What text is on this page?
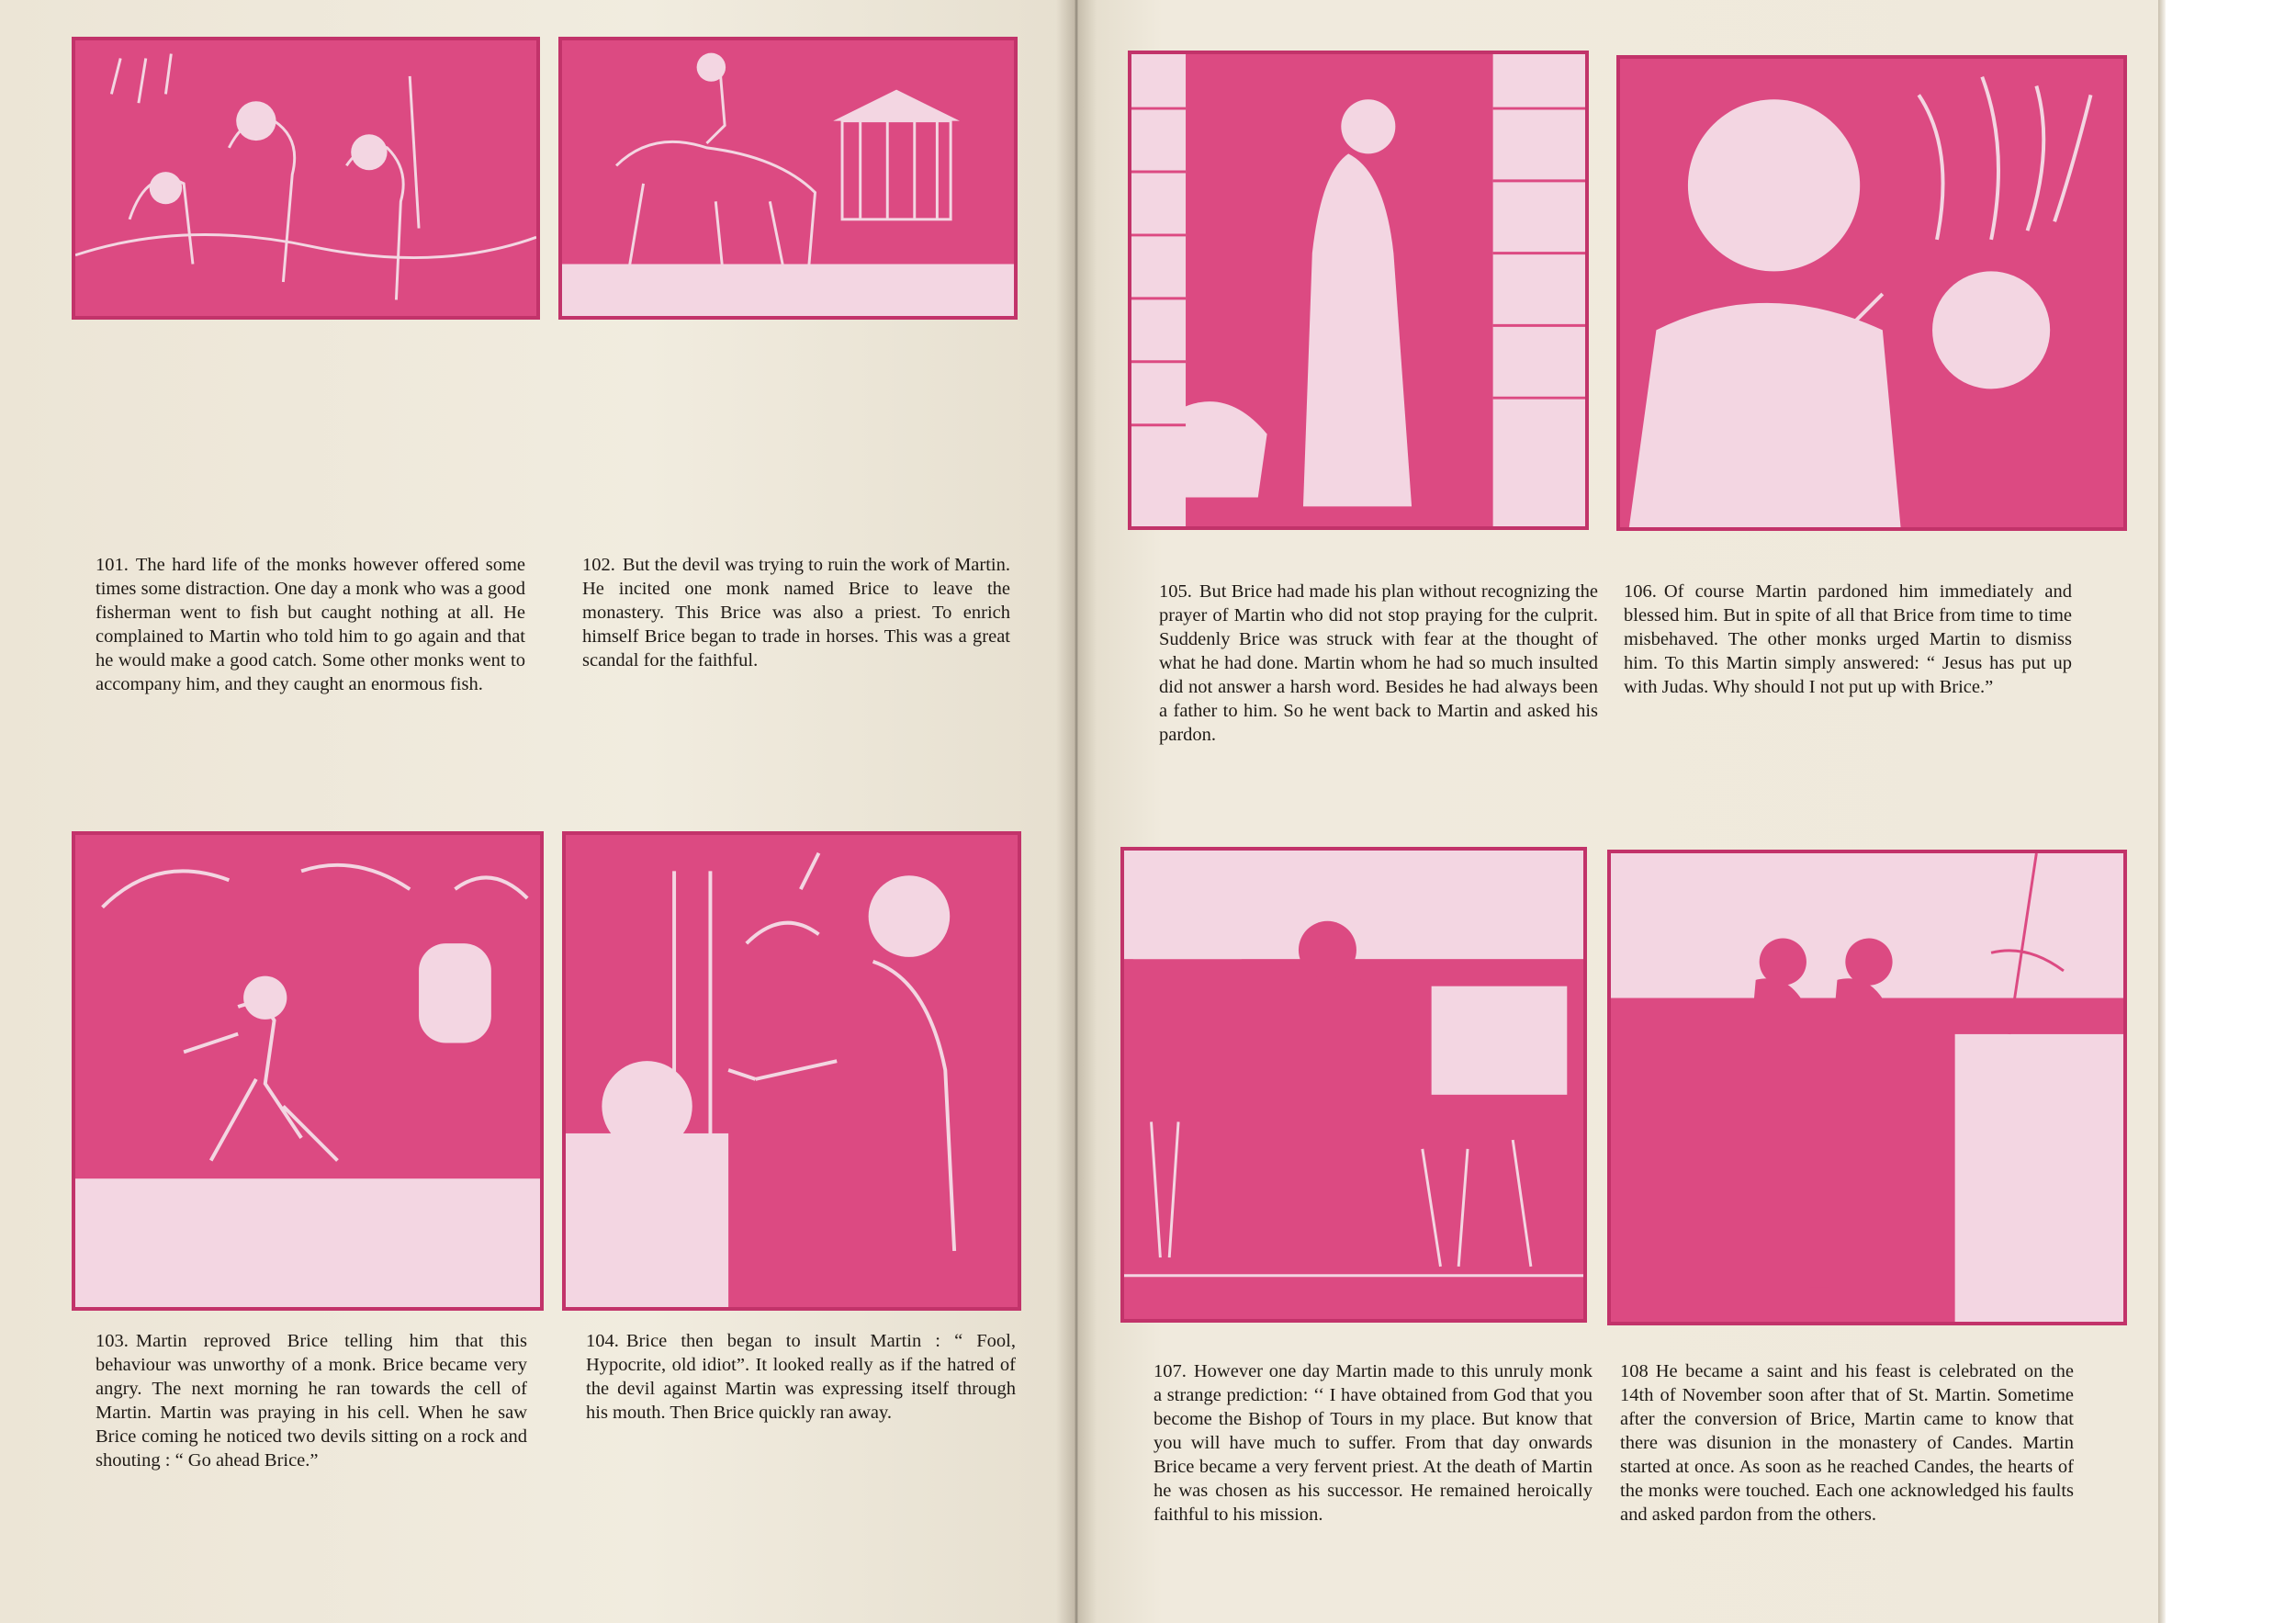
101. The hard life of the monks however offered some times some distraction. One day a monk who was a good fisherman went to fish but caught nothing at all. He complained to Martin who told him to go again and that he would make a good catch. Some other monks went to accompany him, and they caught an enormous fish.

102. But the devil was trying to ruin the work of Martin. He incited one monk named Brice to leave the monastery. This Brice was also a priest. To enrich himself Brice began to trade in horses. This was a great scandal for the faithful.

103. Martin reproved Brice telling him that this behaviour was unworthy of a monk. Brice became very angry. The next morning he ran towards the cell of Martin. Martin was praying in his cell. When he saw Brice coming he noticed two devils sitting on a rock and shouting : “ Go ahead Brice.”

104. Brice then began to insult Martin : “ Fool, Hypocrite, old idiot”. It looked really as if the hatred of the devil against Martin was expressing itself through his mouth. Then Brice quickly ran away.

105. But Brice had made his plan without recognizing the prayer of Martin who did not stop praying for the culprit. Suddenly Brice was struck with fear at the thought of what he had done. Martin whom he had so much insulted did not answer a harsh word. Besides he had always been a father to him. So he went back to Martin and asked his pardon.

106. Of course Martin pardoned him immediately and blessed him. But in spite of all that Brice from time to time misbehaved. The other monks urged Martin to dismiss him. To this Martin simply answered: “ Jesus has put up with Judas. Why should I not put up with Brice.”

107. However one day Martin made to this unruly monk a strange prediction: ‘‘ I have obtained from God that you become the Bishop of Tours in my place. But know that you will have much to suffer. From that day onwards Brice became a very fervent priest. At the death of Martin he was chosen as his successor. He remained heroically faithful to his mission.

108 He became a saint and his feast is celebrated on the 14th of November soon after that of St. Martin. Sometime after the conversion of Brice, Martin came to know that there was disunion in the monastery of Candes. Martin started at once. As soon as he reached Candes, the hearts of the monks were touched. Each one acknowledged his faults and asked pardon from the others.
